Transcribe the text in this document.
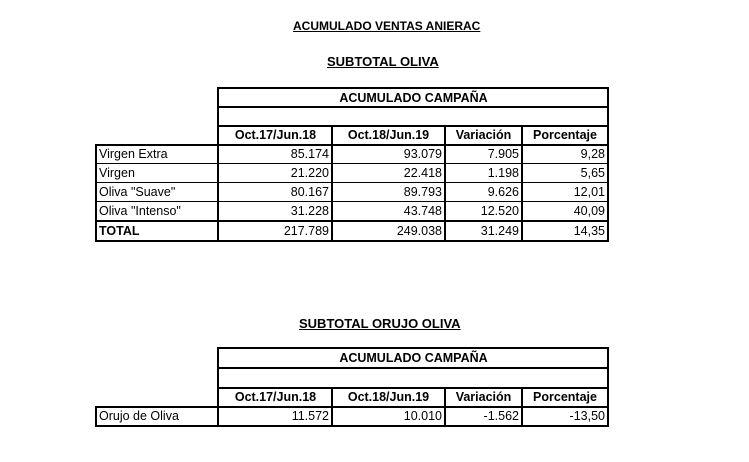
ACUMULADO VENTAS ANIERAC
SUBTOTAL OLIVA
SUBTOTAL ORUJO OLIVA
ACUMULADO CAMPAÑA
Oct.17/Jun.18	Oct.18/Jun.19	Variación	Porcentaje
Virgen Extra	85.174	93.079	7.905	9,28
Virgen	21.220	22.418	1.198	5,65
Oliva "Suave"	80.167	89.793	9.626	12,01
Oliva "Intenso"	31.228	43.748	12.520	40,09
TOTAL	217.789	249.038	31.249	14,35
ACUMULADO CAMPAÑA
Oct.17/Jun.18	Oct.18/Jun.19	Variación	Porcentaje
Orujo de Oliva	11.572	10.010	-1.562	-13,50
